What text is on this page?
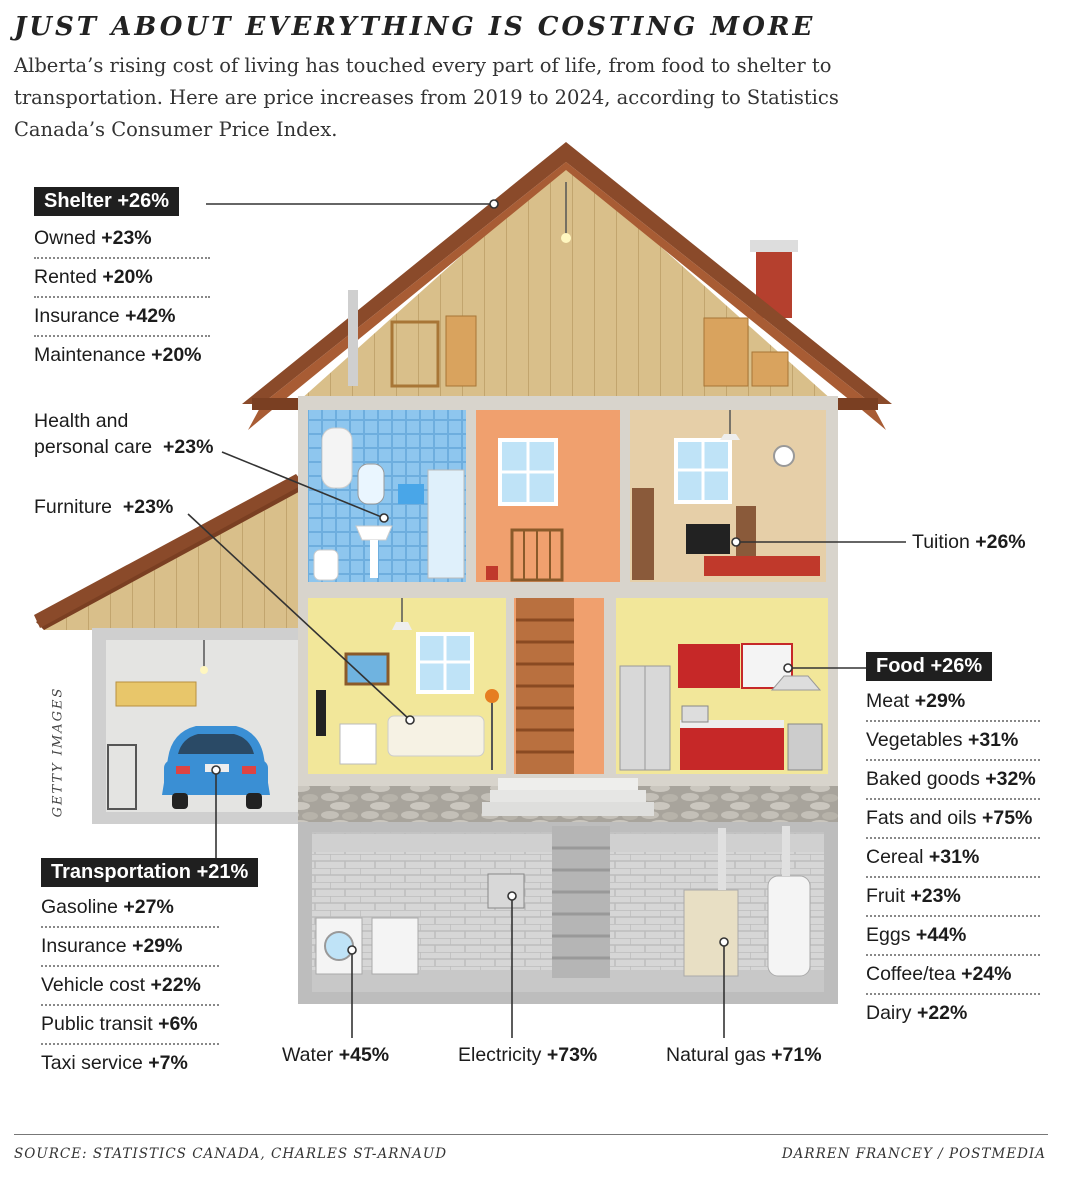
JUST ABOUT EVERYTHING IS COSTING MORE

Alberta’s rising cost of living has touched every part of life, from food to shelter to transportation. Here are price increases from 2019 to 2024, according to Statistics Canada’s Consumer Price Index.

Shelter +26%
Owned +23%
Rented +20%
Insurance +42%
Maintenance +20%
Health and
personal care +23%
Furniture +23%
Tuition +26%
Food +26%
Meat +29%
Vegetables +31%
Baked goods +32%
Fats and oils +75%
Cereal +31%
Fruit +23%
Eggs +44%
Coffee/tea +24%
Dairy +22%
Transportation +21%
Gasoline +27%
Insurance +29%
Vehicle cost +22%
Public transit +6%
Taxi service +7%	Water +45%	Electricity +73%	Natural gas +71%
GETTY IMAGES
SOURCE: STATISTICS CANADA, CHARLES ST-ARNAUD	DARREN FRANCEY / POSTMEDIA
